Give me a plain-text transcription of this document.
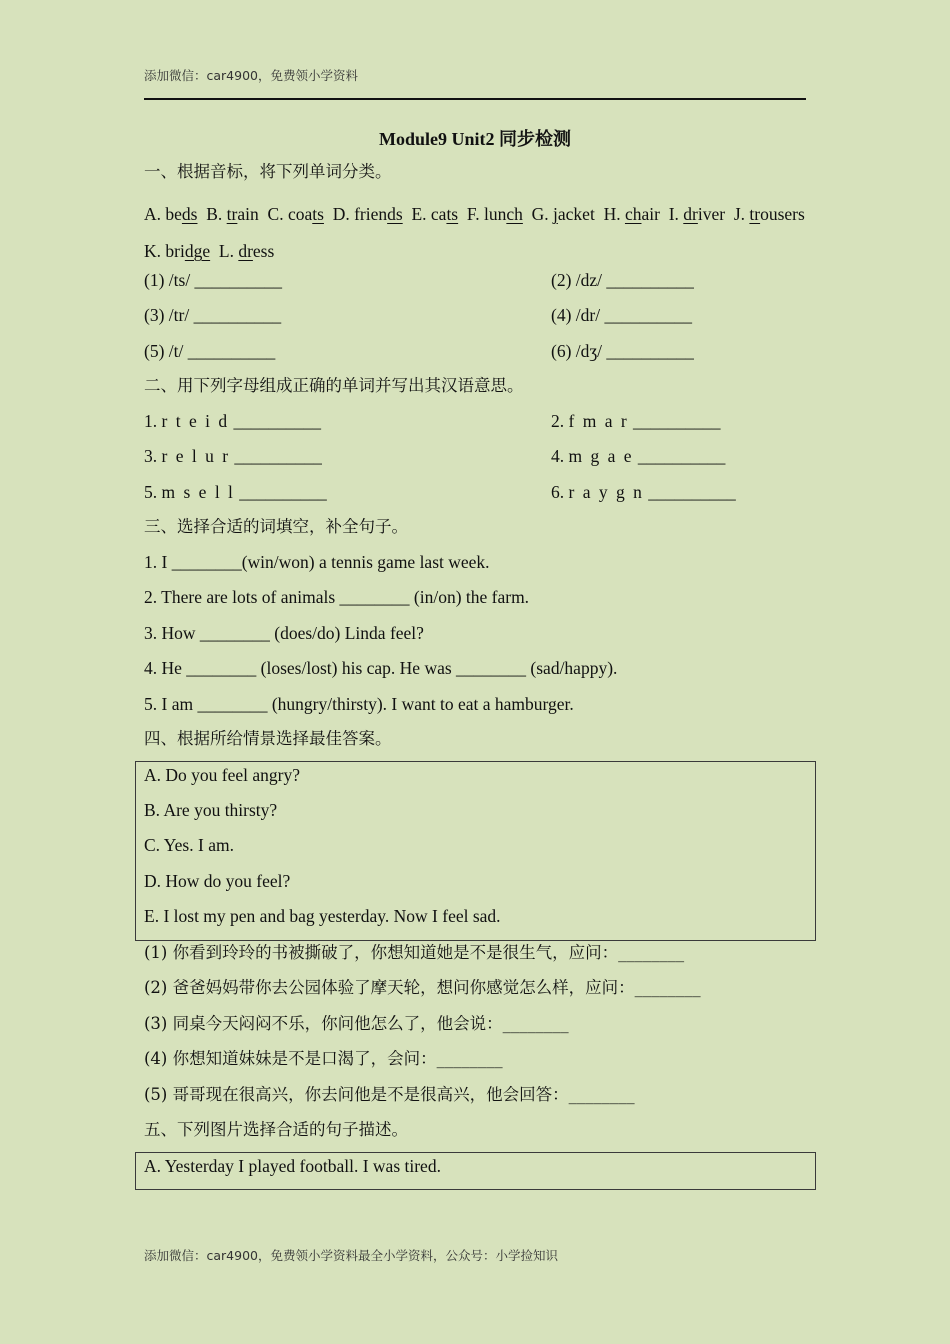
添加微信：car4900，免费领小学资料
Module9 Unit2 同步检测
一、根据音标，将下列单词分类。
A. beds B. train C. coats D. friends E. cats F. lunch G. jacket H. chair I. driver J. trousers  K. bridge L. dress
(1) /ts/ __________	(2) /dz/ __________
(3) /tr/ __________	(4) /dr/ __________
(5) /t/ __________	(6) /dʒ/ __________
二、用下列字母组成正确的单词并写出其汉语意思。
1. r t e i d __________	2. f m a r __________
3. r e l u r __________	4. m g a e __________
5. m s e l l __________	6. r a y g n __________
三、选择合适的词填空，补全句子。
1. I ________(win/won) a tennis game last week.
2. There are lots of animals ________ (in/on) the farm.
3. How ________ (does/do) Linda feel?
4. He ________ (loses/lost) his cap. He was ________ (sad/happy).
5. I am ________ (hungry/thirsty). I want to eat a hamburger.
四、根据所给情景选择最佳答案。
A. Do you feel angry?
B. Are you thirsty?
C. Yes. I am.
D. How do you feel?
E. I lost my pen and bag yesterday. Now I feel sad.
(1) 你看到玲玲的书被撕破了，你想知道她是不是很生气，应问：________
(2) 爸爸妈妈带你去公园体验了摩天轮，想问你感觉怎么样，应问：________
(3) 同桌今天闷闷不乐，你问他怎么了，他会说：________
(4) 你想知道妹妹是不是口渴了，会问：________
(5) 哥哥现在很高兴，你去问他是不是很高兴，他会回答：________
五、下列图片选择合适的句子描述。
A. Yesterday I played football. I was tired.
添加微信：car4900，免费领小学资料最全小学资料，公众号：小学捡知识
